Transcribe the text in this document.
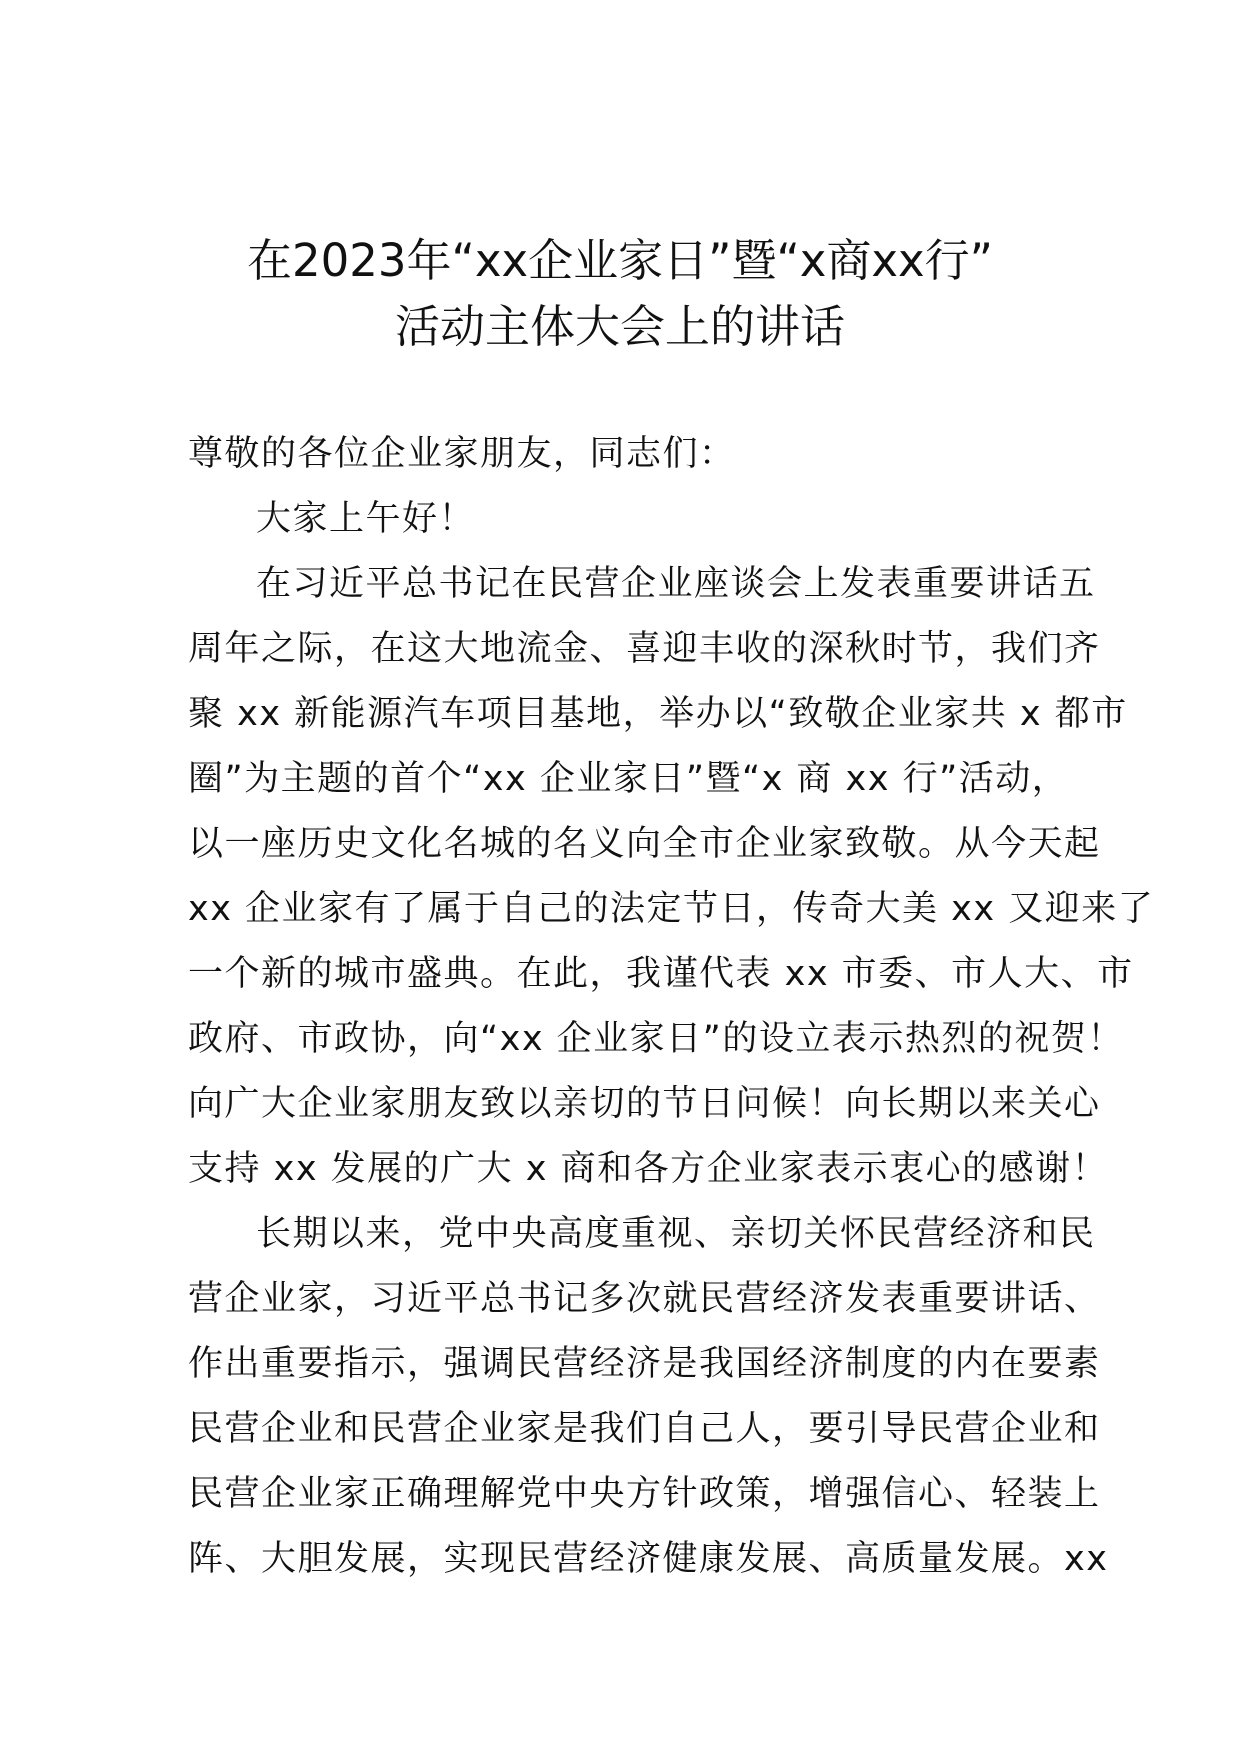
在2023年“xx企业家日”暨“x商xx行”
活动主体大会上的讲话
尊敬的各位企业家朋友，同志们：
大家上午好！
在习近平总书记在民营企业座谈会上发表重要讲话五
周年之际，在这大地流金、喜迎丰收的深秋时节，我们齐
聚 xx 新能源汽车项目基地，举办以“致敬企业家共 x 都市
圈”为主题的首个“xx 企业家日”暨“x 商 xx 行”活动，
以一座历史文化名城的名义向全市企业家致敬。从今天起
xx 企业家有了属于自己的法定节日，传奇大美 xx 又迎来了
一个新的城市盛典。在此，我谨代表 xx 市委、市人大、市
政府、市政协，向“xx 企业家日”的设立表示热烈的祝贺！
向广大企业家朋友致以亲切的节日问候！向长期以来关心
支持 xx 发展的广大 x 商和各方企业家表示衷心的感谢！
长期以来，党中央高度重视、亲切关怀民营经济和民
营企业家，习近平总书记多次就民营经济发表重要讲话、
作出重要指示，强调民营经济是我国经济制度的内在要素
民营企业和民营企业家是我们自己人，要引导民营企业和
民营企业家正确理解党中央方针政策，增强信心、轻装上
阵、大胆发展，实现民营经济健康发展、高质量发展。xx
